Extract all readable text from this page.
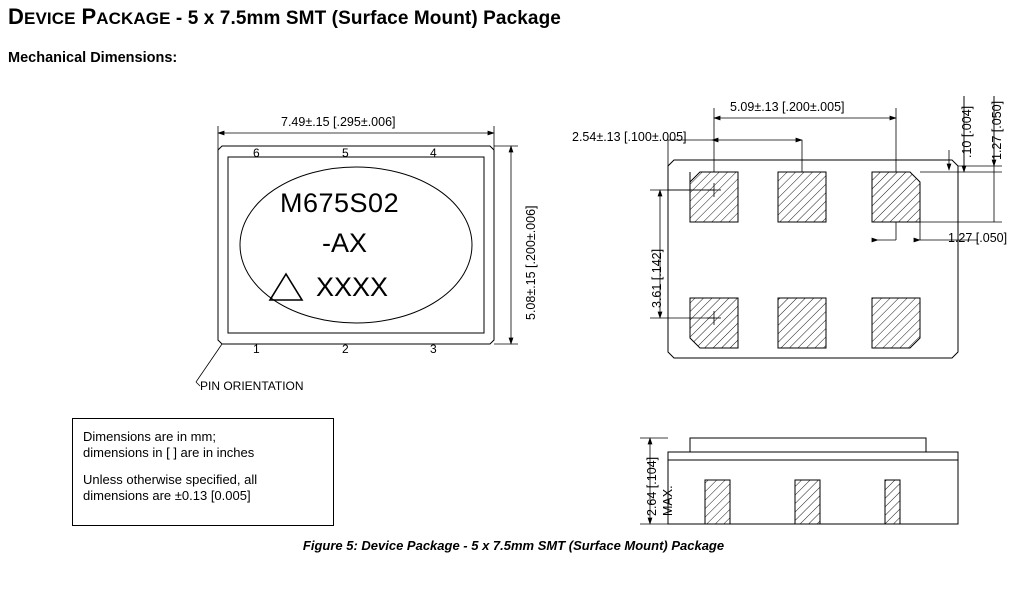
DEVICE PACKAGE - 5 x 7.5mm SMT (Surface Mount) Package
Mechanical Dimensions:
7.49±.15 [.295±.006]
5.08±.15 [.200±.006]
6	5	4
1	2	3
M675S02
-AX
XXXX
PIN ORIENTATION
5.09±.13 [.200±.005]
2.54±.13 [.100±.005]
3.61 [.142]
1.27 [.050]
.10 [.004] 1.27 [.050]
2.64 [.104] MAX.

Dimensions are in mm;
dimensions in [ ] are in inches

Unless otherwise specified, all
dimensions are ±0.13 [0.005]

Figure 5: Device Package - 5 x 7.5mm SMT (Surface Mount) Package
